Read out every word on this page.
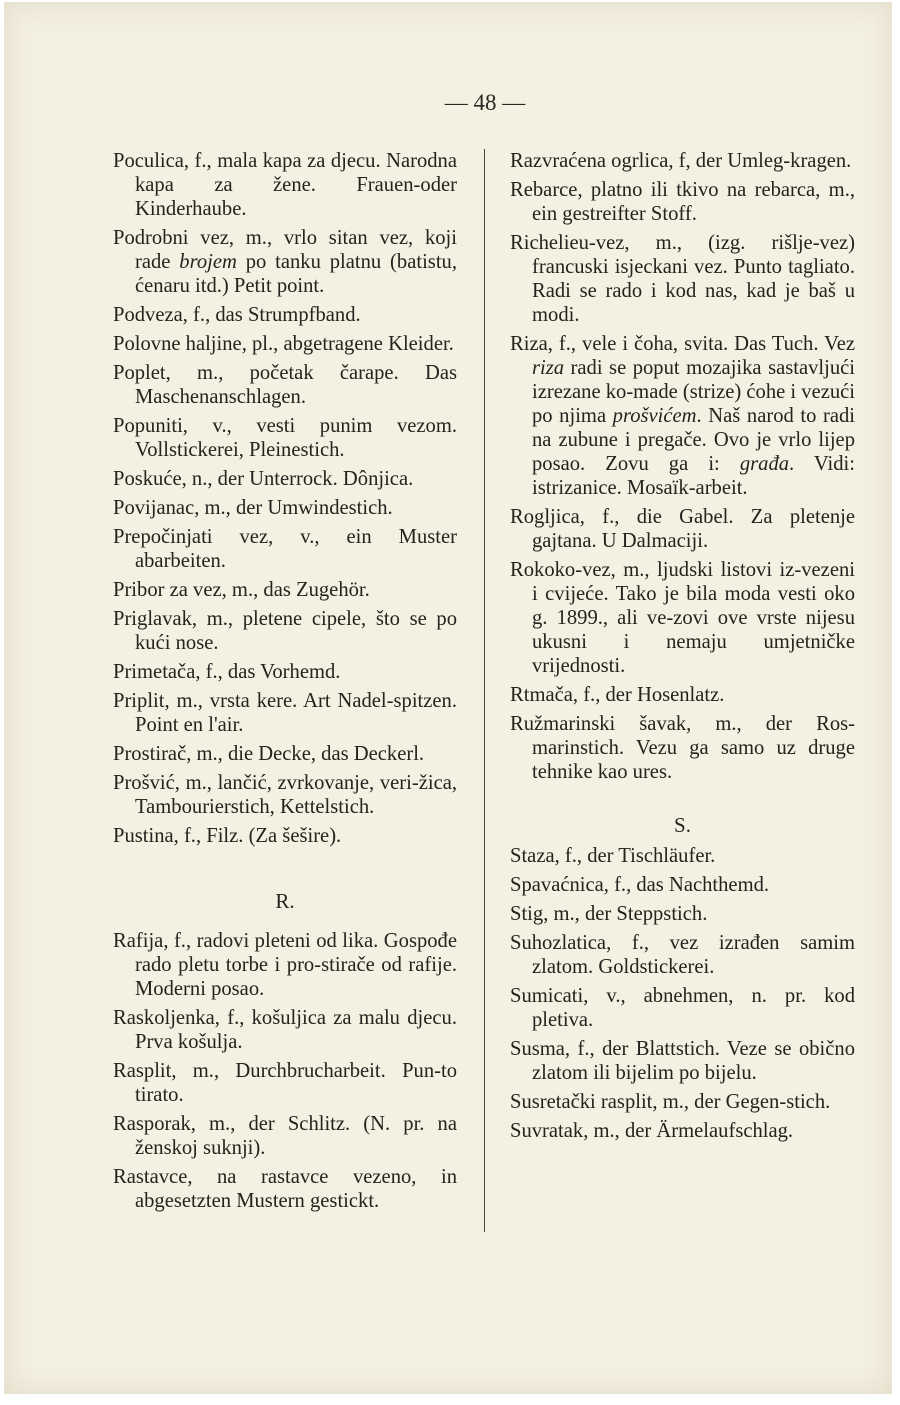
— 48 —
Poculica, f., mala kapa za djecu. Narodna kapa za žene. Frauen-oder Kinderhaube.
Podrobni vez, m., vrlo sitan vez, koji rade brojem po tanku platnu (batistu, ćenaru itd.) Petit point.
Podveza, f., das Strumpfband.
Polovne haljine, pl., abgetragene Kleider.
Poplet, m., početak čarape. Das Maschenanschlagen.
Popuniti, v., vesti punim vezom. Vollstickerei, Pleinestich.
Poskuće, n., der Unterrock. Dônjica.
Povijanac, m., der Umwindestich.
Prepočinjati vez, v., ein Muster abarbeiten.
Pribor za vez, m., das Zugehör.
Priglavak, m., pletene cipele, što se po kući nose.
Primetača, f., das Vorhemd.
Priplit, m., vrsta kere. Art Nadel-spitzen. Point en l'air.
Prostirač, m., die Decke, das Deckerl.
Prošvić, m., lančić, zvrkovanje, veri-žica, Tambourierstich, Kettelstich.
Pustina, f., Filz. (Za šešire).
R.
Rafija, f., radovi pleteni od lika. Gospođe rado pletu torbe i pro-stirače od rafije. Moderni posao.
Raskoljenka, f., košuljica za malu djecu. Prva košulja.
Rasplit, m., Durchbrucharbeit. Pun-to tirato.
Rasporak, m., der Schlitz. (N. pr. na ženskoj suknji).
Rastavce, na rastavce vezeno, in abgesetzten Mustern gestickt.
Razvraćena ogrlica, f, der Umleg-kragen.
Rebarce, platno ili tkivo na rebarca, m., ein gestreifter Stoff.
Richelieu-vez, m., (izg. rišlje-vez) francuski isjeckani vez. Punto tagliato. Radi se rado i kod nas, kad je baš u modi.
Riza, f., vele i čoha, svita. Das Tuch. Vez riza radi se poput mozajika sastavljući izrezane ko-made (strize) ćohe i vezući po njima prošvićem. Naš narod to radi na zubune i pregače. Ovo je vrlo lijep posao. Zovu ga i: građa. Vidi: istrizanice. Mosaïk-arbeit.
Rogljica, f., die Gabel. Za pletenje gajtana. U Dalmaciji.
Rokoko-vez, m., ljudski listovi iz-vezeni i cvijeće. Tako je bila moda vesti oko g. 1899., ali ve-zovi ove vrste nijesu ukusni i nemaju umjetničke vrijednosti.
Rtmača, f., der Hosenlatz.
Ružmarinski šavak, m., der Ros-marinstich. Vezu ga samo uz druge tehnike kao ures.
S.
Staza, f., der Tischläufer.
Spavaćnica, f., das Nachthemd.
Stig, m., der Steppstich.
Suhozlatica, f., vez izrađen samim zlatom. Goldstickerei.
Sumicati, v., abnehmen, n. pr. kod pletiva.
Susma, f., der Blattstich. Veze se obično zlatom ili bijelim po bijelu.
Susretački rasplit, m., der Gegen-stich.
Suvratak, m., der Ärmelaufschlag.
